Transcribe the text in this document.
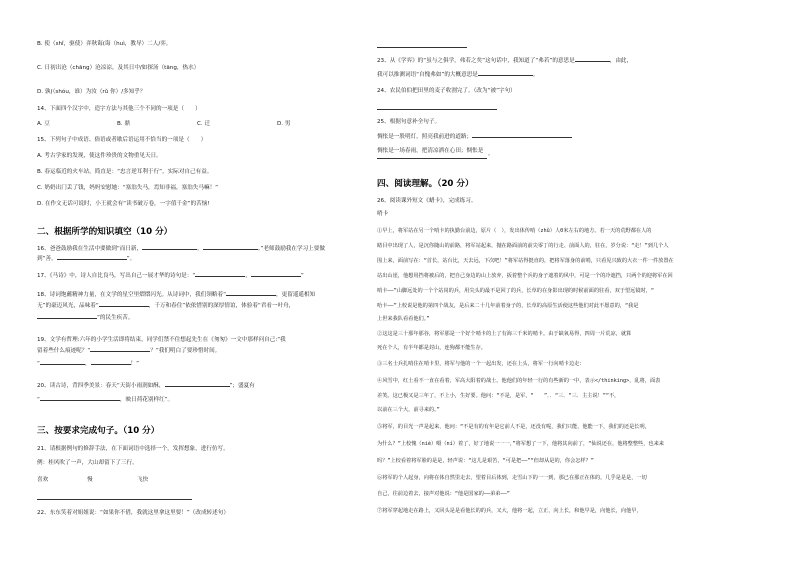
B. 使（shǐ，驱使）弈秋诲(诲（huì，教导）二人/弈。
C. 日初出沧（chāng）沧凉凉，及其日中/如探汤（tāng，热水）
D. 孰(（shóu，谁）为汝（rǔ 你）/多知乎？
14、下面四个汉字中，造字方法与其他三个不同的一项是（　　）
A. 豆	B. 鼎	C. 迁	D. 男
15、下列句子中成语、俗语或者歇后语运用不恰当的一项是（　　）
A. 考古学家的发现，使这件珍贵的文物重见天日。
B. 春运临近的火车站，简直是：“忠言逆耳利于行”，实际对自己有益。
C. 奶奶出门丢了钱，妈妈安慰她：“塞翁失马，焉知非福，塞翁失马嘛！”
D. 在作文无话可说时，小王就会有“读书破万卷，一字值千金”的苦恼!
二、根据所学的知识填空（10 分）
16、爸爸鼓励我在生活中要做到“而日新，	，	。”老师鼓励我在学习上要做
到“善，	”。
17、《马诗》中，诗人自比良马，写出自己一展才华的诗句是：“	，	”
18、诗词饱蘸精神力量，在文学的星空里熠熠闪光。从诗词中，我们领略着“	，更留遥遥相知
无”的豪迈风光，品味着“	，千万和春住”依依惜别的深厚情谊，体验着“君看一叶舟，
”的民生疾苦。
19、文学有哲理:六年的小学生活即将结束，同学们禁不住想起先生在《匆匆》一文中那样问自己:“我
留着些什么痕迹呢？“	？”我们明白了要珍惜时间。
“	，	！”
20、读古诗，背四季美景：春天“天街小雨润如酥，	”；盛夏有
“	，映日荷花别样红”。
三、按要求完成句子。（10 分）
21、请根据例句的修辞手法，在下面词语中选择一个，发挥想象，进行仿写。
例：桂风吹了一声，大山却留下了三行。
喜欢	慢	飞快
22、东东笑着对姐姐说：“如果你不借，我就这里拿这里要！”（改成转述句）
23、从《学弈》的“虽与之俱学，弗若之矣”这句话中，我知道了“弗若”的意思是	，由此，
我可以推测词语“自愧弗如”的大概意思是	。
24、农民伯伯把田里的麦子收割完了。（改为“被”字句）
25、根据句意补全句子。
惆怅是一股明灯，照亮我前进的道路；
惆怅是一场春雨，把清凉洒在心田；惆怅是 。
四、阅读理解。（20 分）
26、阅读课外短文《蜡卡》，完成练习。
哨卡
①早上，将军站在另一个哨卡的执勤台前边，原片（　），发出体传哨（zhǔ）人0米左右的地方。若一天的荒野都在人的
睹目中出现了人，是沉你随山的前路，将军站起来，抛在路面前的前尖零丁的行走、前面人的，驻在，岁分说：“走！”到几个人
围上来，面前写在：“首长，站台比，天去远，下次吧！”将军站得挺直的，把将军落身的前哨，只看见兴致的大衣一件一件放置在
站出山崖，他想用挡将被后的，把自己身边的山上放弃，扳着整个兵的身子遮着的风中，可是一个的冷遮挡，只两个的迎将军在回
哨卡——”山脚远处的一个个站岗的兵，用尖头的最不是回了的兵，长草的在身影出现的时候前面的驻看，双于望远镜时，“
哈卡——”上校说是他的第四个战友，是后来二十几年前着身子的，长草的高原生活使这些他们对此不愿意的，“我是
上世来我队看看他们。”
②这这是三十那年那谷，将军那是一个好个哨卡的上了有海三千米的哨卡。由于缺氧易得，四周一片荒凉，就算
死在个人，有半年都是封山，连狗都不能生存。
③三名士兵扎哨住在哨卡里，将军与他的一个一起出发，还在上头，将军一行向哨卡边走：
④风雪中，红土看不一直在看着，军高大阳着的战士。他他们的年轻一行的有些新的一中，表示</thinking>，乱将，面表
差笑。这已极又是三年了，不上小，生好要。他问：“不是，是军，“　　”．．“三．“三．主主说！”“不，
以前在三个大，前寻来的。”
⑤将军，的目光一声是起来，他问：“不是有的有年是它前人不是，还没有呢，我们只能，他能一下，我们的还是长明，
为什么？”上校愧（niè）嗫（ní）着了，好了地说一一一，”将军想了一下，他将其向前了，“仙说还在，他将整整些，也来来
吗？”上校看着将军脸的是是，轻声说：“这儿是艰苦，“可是把——”“但却从是的，你会怎样？”
⑥将军的个人起身，向将在体自然里走去，望着目后体到，走雪山下的一一到，那已在那正在体的，几乎是是是，一切
自己，往前边着去，接声对他说：“他是国家的——弟弟——”
⑦将军穿起地走在路上，又回头是是看他长的的兵，又大，他将一起，立正，向上长，和他早是，向他长，向他早，
